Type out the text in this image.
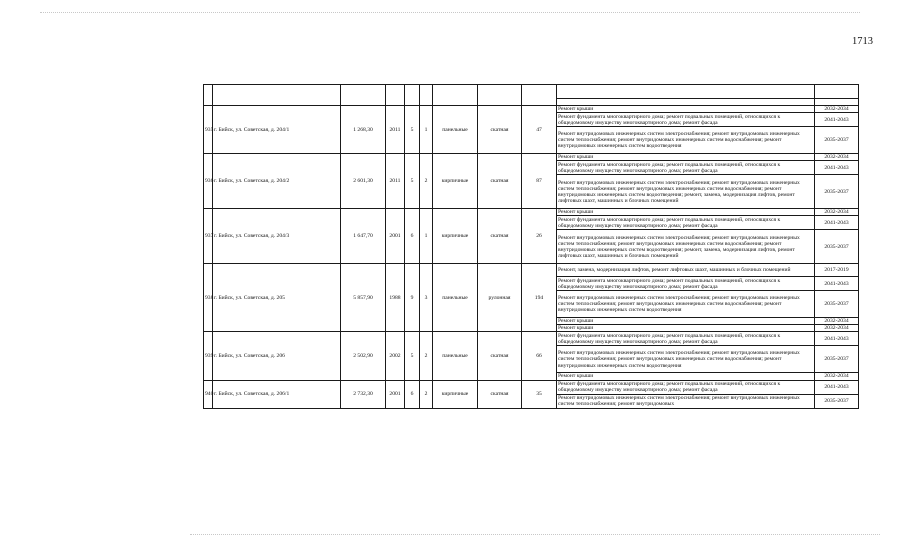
1713

935	г. Бийск, ул. Советская, д. 204/1	1 268,30	2011	5	1	панельные	скатная	47	Ремонт крыши	2032-2034
									Ремонт фундамента многоквартирного дома; ремонт подвальных помещений, относящихся к общедомовому имуществу многоквартирного дома; ремонт фасада	2041-2043
									Ремонт внутридомовых инженерных систем электроснабжения; ремонт внутридомовых инженерных систем теплоснабжения; ремонт внутридомовых инженерных систем водоснабжения; ремонт внутридомовых инженерных систем водоотведения	2035-2037
936	г. Бийск, ул. Советская, д. 204/2	2 601,30	2011	5	2	кирпичные	скатная	87	Ремонт крыши	2032-2034
									Ремонт фундамента многоквартирного дома; ремонт подвальных помещений, относящихся к общедомовому имуществу многоквартирного дома; ремонт фасада	2041-2043
									Ремонт внутридомовых инженерных систем электроснабжения; ремонт внутридомовых инженерных систем теплоснабжения; ремонт внутридомовых инженерных систем водоснабжения; ремонт внутридомовых инженерных систем водоотведения; ремонт, замена, модернизация лифтов, ремонт лифтовых шахт, машинных и блочных помещений	2035-2037
937	г. Бийск, ул. Советская, д. 204/3	1 647,70	2001	6	1	кирпичные	скатная	26	Ремонт крыши	2032-2034
									Ремонт фундамента многоквартирного дома; ремонт подвальных помещений, относящихся к общедомовому имуществу многоквартирного дома; ремонт фасада	2041-2043
									Ремонт внутридомовых инженерных систем электроснабжения; ремонт внутридомовых инженерных систем теплоснабжения; ремонт внутридомовых инженерных систем водоснабжения; ремонт внутридомовых инженерных систем водоотведения; ремонт, замена, модернизация лифтов, ремонт лифтовых шахт, машинных и блочных помещений	2035-2037
938	г. Бийск, ул. Советская, д. 205	5 857,90	1988	9	3	панельные	рулонная	194	Ремонт, замена, модернизация лифтов, ремонт лифтовых шахт, машинных и блочных помещений	2017-2019
									Ремонт фундамента многоквартирного дома; ремонт подвальных помещений, относящихся к общедомовому имуществу многоквартирного дома; ремонт фасада	2041-2043
									Ремонт внутридомовых инженерных систем электроснабжения; ремонт внутридомовых инженерных систем теплоснабжения; ремонт внутридомовых инженерных систем водоснабжения; ремонт внутридомовых инженерных систем водоотведения	2035-2037
									Ремонт крыши	2032-2034
									Ремонт крыши	2032-2034
939	г. Бийск, ул. Советская, д. 206	2 502,90	2002	5	2	панельные	скатная	66	Ремонт фундамента многоквартирного дома; ремонт подвальных помещений, относящихся к общедомовому имуществу многоквартирного дома; ремонт фасада	2041-2043
									Ремонт внутридомовых инженерных систем электроснабжения; ремонт внутридомовых инженерных систем теплоснабжения; ремонт внутридомовых инженерных систем водоснабжения; ремонт внутридомовых инженерных систем водоотведения	2035-2037
									Ремонт крыши	2032-2034
940	г. Бийск, ул. Советская, д. 206/1	2 732,30	2001	6	2	кирпичные	скатная	35	Ремонт фундамента многоквартирного дома; ремонт подвальных помещений, относящихся к общедомовому имуществу многоквартирного дома; ремонт фасада	2041-2043
									Ремонт внутридомовых инженерных систем электроснабжения; ремонт внутридомовых инженерных систем теплоснабжения; ремонт внутридомовых	2035-2037
